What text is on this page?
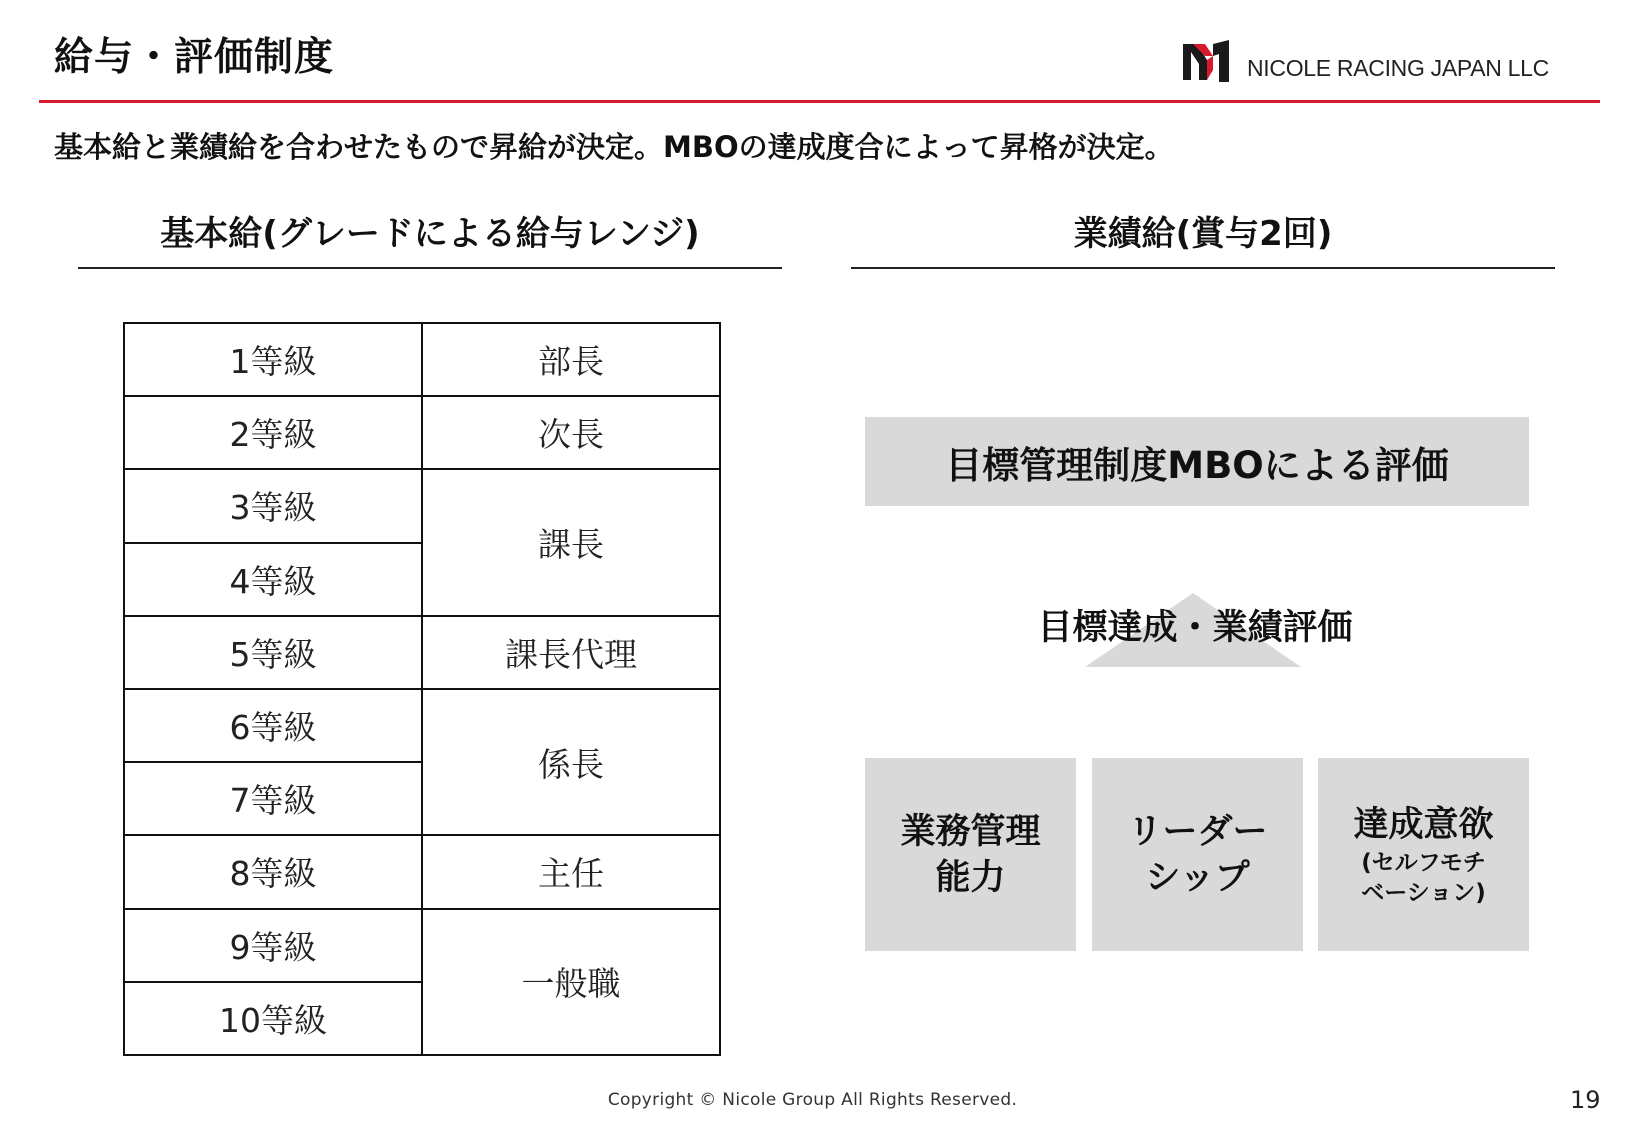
給与・評価制度	NICOLE RACING JAPAN LLC
基本給と業績給を合わせたもので昇給が決定。MBOの達成度合によって昇格が決定。
基本給(グレードによる給与レンジ)
1等級	部長
2等級	次長
3等級	課長
4等級	
5等級	課長代理
6等級	係長
7等級	
8等級	主任
9等級	一般職
10等級	
業績給(賞与2回)
目標管理制度MBOによる評価
目標達成・業績評価
業務管理
能力
リーダー
シップ
達成意欲
(セルフモチ
ベーション)
Copyright © Nicole Group All Rights Reserved.	19
